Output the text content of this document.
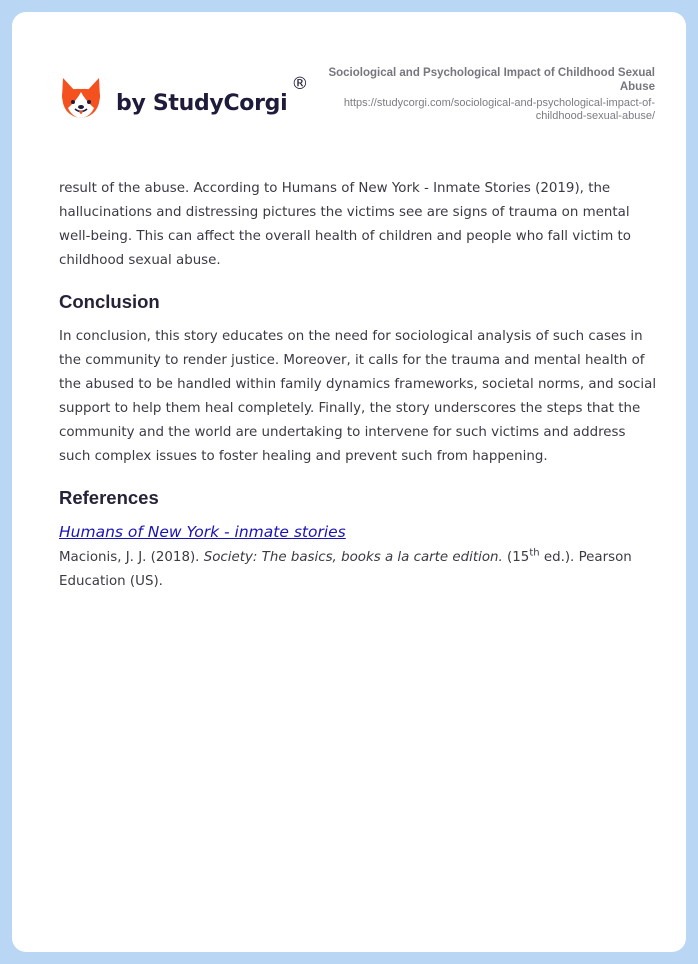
by StudyCorgi
®
Sociological and Psychological Impact of Childhood Sexual Abuse
https://studycorgi.com/sociological-and-psychological-impact-of-childhood-sexual-abuse/

result of the abuse. According to Humans of New York - Inmate Stories (2019), the hallucinations and distressing pictures the victims see are signs of trauma on mental well-being. This can affect the overall health of children and people who fall victim to childhood sexual abuse.

Conclusion

In conclusion, this story educates on the need for sociological analysis of such cases in the community to render justice. Moreover, it calls for the trauma and mental health of the abused to be handled within family dynamics frameworks, societal norms, and social support to help them heal completely. Finally, the story underscores the steps that the community and the world are undertaking to intervene for such victims and address such complex issues to foster healing and prevent such from happening.

References
Humans of New York - inmate stories

Macionis, J. J. (2018). Society: The basics, books a la carte edition. (15th ed.). Pearson Education (US).
